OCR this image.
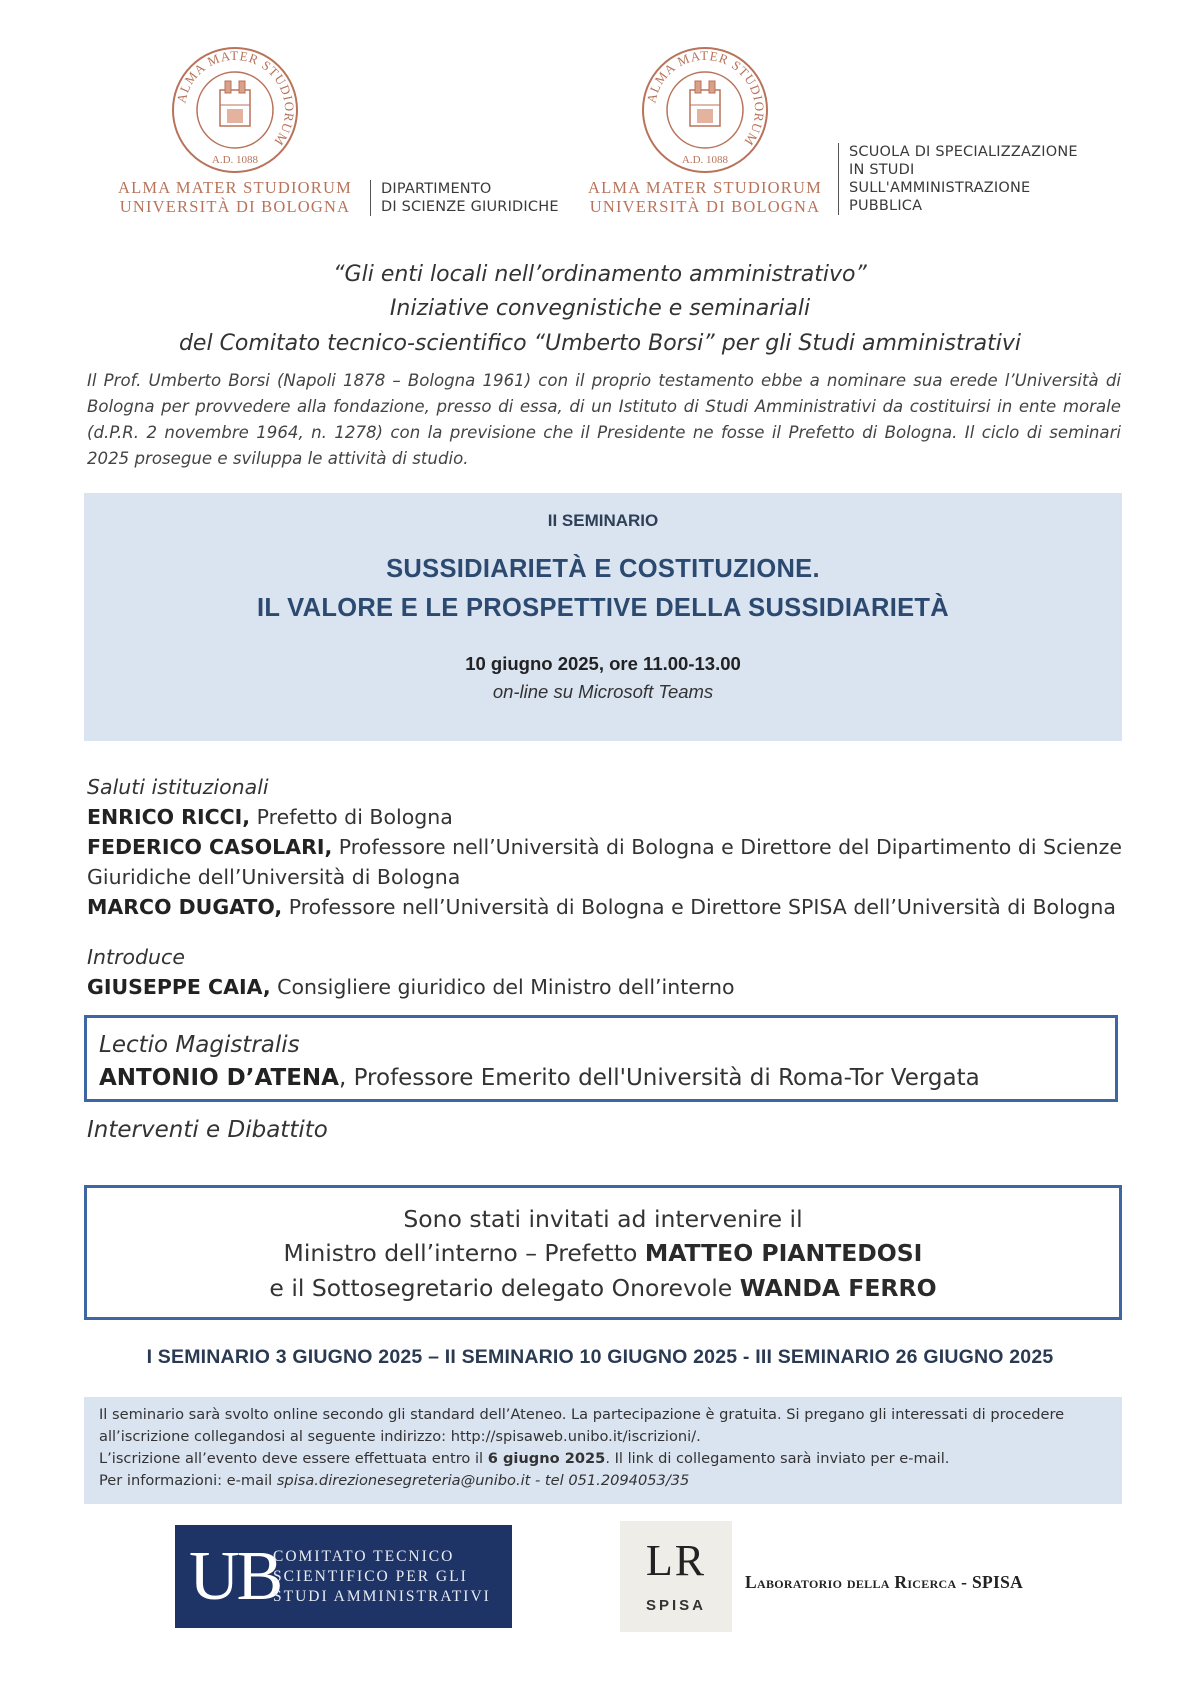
ALMA MATER STUDIORUM
A.D. 1088
ALMA MATER STUDIORUM
UNIVERSITÀ DI BOLOGNA
DIPARTIMENTO
DI SCIENZE GIURIDICHE
ALMA MATER STUDIORUM
A.D. 1088
ALMA MATER STUDIORUM
UNIVERSITÀ DI BOLOGNA
SCUOLA DI SPECIALIZZAZIONE
IN STUDI
SULL'AMMINISTRAZIONE
PUBBLICA
“Gli enti locali nell’ordinamento amministrativo”
Iniziative convegnistiche e seminariali
del Comitato tecnico-scientifico “Umberto Borsi” per gli Studi amministrativi
Il Prof. Umberto Borsi (Napoli 1878 – Bologna 1961) con il proprio testamento ebbe a nominare sua erede l’Università di Bologna per provvedere alla fondazione, presso di essa, di un Istituto di Studi Amministrativi da costituirsi in ente morale (d.P.R. 2 novembre 1964, n. 1278) con la previsione che il Presidente ne fosse il Prefetto di Bologna. Il ciclo di seminari 2025 prosegue e sviluppa le attività di studio.
II SEMINARIO
SUSSIDIARIETÀ E COSTITUZIONE.
IL VALORE E LE PROSPETTIVE DELLA SUSSIDIARIETÀ
10 giugno 2025, ore 11.00-13.00
on-line su Microsoft Teams
Saluti istituzionali
ENRICO RICCI, Prefetto di Bologna
FEDERICO CASOLARI, Professore nell’Università di Bologna e Direttore del Dipartimento di Scienze
Giuridiche dell’Università di Bologna
MARCO DUGATO, Professore nell’Università di Bologna e Direttore SPISA dell’Università di Bologna
Introduce
GIUSEPPE CAIA, Consigliere giuridico del Ministro dell’interno
Lectio Magistralis
ANTONIO D’ATENA, Professore Emerito dell'Università di Roma-Tor Vergata
Interventi e Dibattito
Sono stati invitati ad intervenire il
Ministro dell’interno – Prefetto MATTEO PIANTEDOSI
e il Sottosegretario delegato Onorevole WANDA FERRO
I SEMINARIO 3 GIUGNO 2025 – II SEMINARIO 10 GIUGNO 2025 - III SEMINARIO 26 GIUGNO 2025
Il seminario sarà svolto online secondo gli standard dell’Ateneo. La partecipazione è gratuita. Si pregano gli interessati di procedere
all’iscrizione collegandosi al seguente indirizzo: http://spisaweb.unibo.it/iscrizioni/.
L’iscrizione all’evento deve essere effettuata entro il 6 giugno 2025. Il link di collegamento sarà inviato per e-mail.
Per informazioni: e-mail spisa.direzionesegreteria@unibo.it - tel 051.2094053/35
UB
COMITATO TECNICO
SCIENTIFICO PER GLI
STUDI AMMINISTRATIVI
LR
SPISA
Laboratorio della Ricerca - SPISA
